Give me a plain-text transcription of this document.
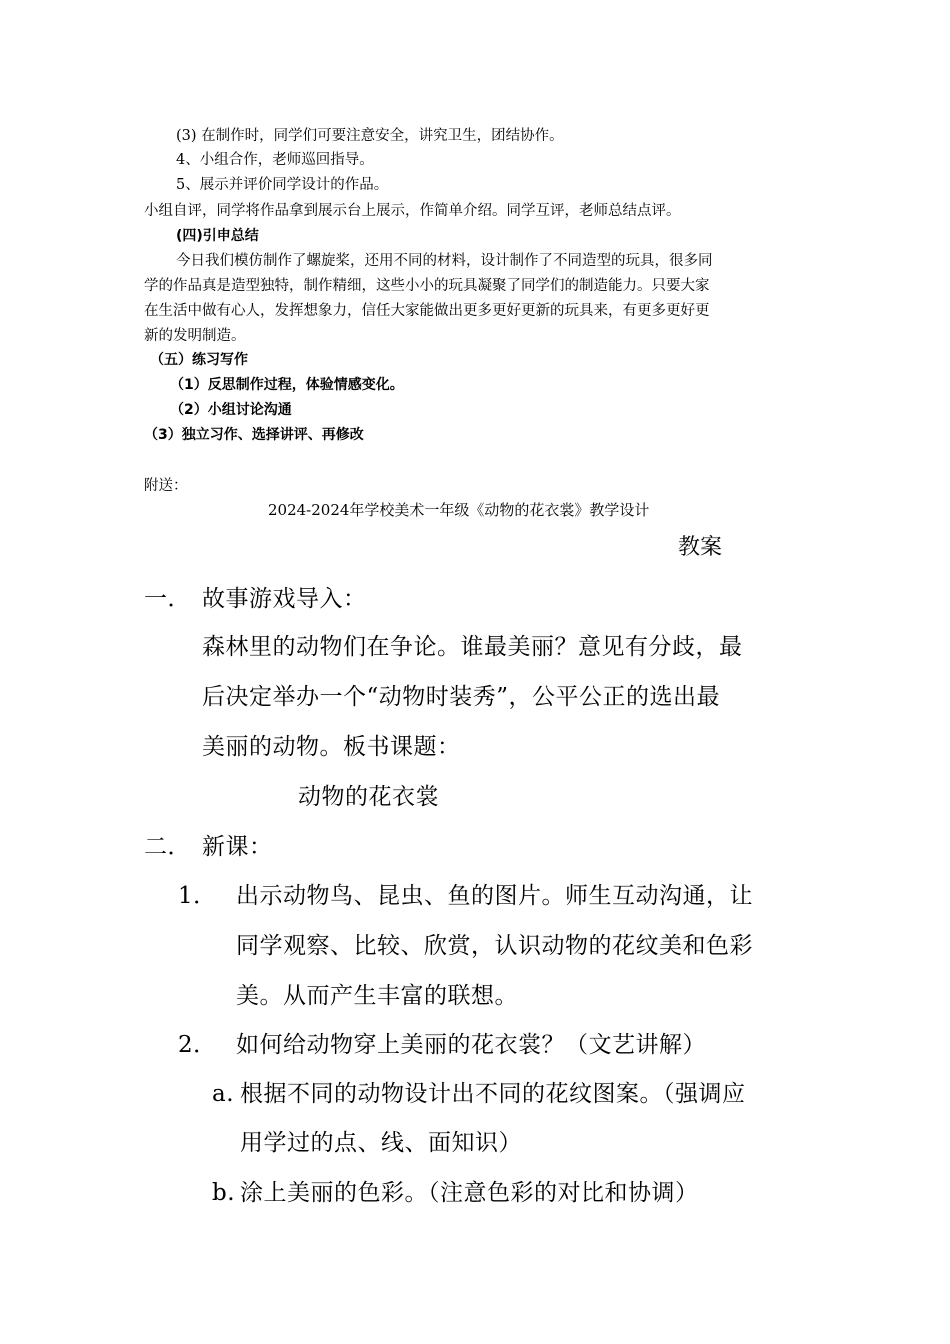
(3) 在制作时，同学们可要注意安全，讲究卫生，团结协作。

4、小组合作，老师巡回指导。

5、展示并评价同学设计的作品。

小组自评，同学将作品拿到展示台上展示，作简单介绍。同学互评，老师总结点评。

(四)引申总结

今日我们模仿制作了螺旋桨，还用不同的材料，设计制作了不同造型的玩具，很多同

学的作品真是造型独特，制作精细，这些小小的玩具凝聚了同学们的制造能力。只要大家

在生活中做有心人，发挥想象力，信任大家能做出更多更好更新的玩具来，有更多更好更

新的发明制造。

（五）练习写作

（1）反思制作过程，体验情感变化。

（2）小组讨论沟通

（3）独立习作、选择讲评、再修改

附送：

2024-2024年学校美术一年级《动物的花衣裳》教学设计

教案

一． 故事游戏导入：

森林里的动物们在争论。谁最美丽？意见有分歧，最

后决定举办一个“动物时装秀”，公平公正的选出最

美丽的动物。板书课题：

动物的花衣裳

二． 新课：

1． 出示动物鸟、昆虫、鱼的图片。师生互动沟通，让

同学观察、比较、欣赏，认识动物的花纹美和色彩

美。从而产生丰富的联想。

2． 如何给动物穿上美丽的花衣裳？（文艺讲解）

a. 根据不同的动物设计出不同的花纹图案。（强调应

用学过的点、线、面知识）

b. 涂上美丽的色彩。（注意色彩的对比和协调）
